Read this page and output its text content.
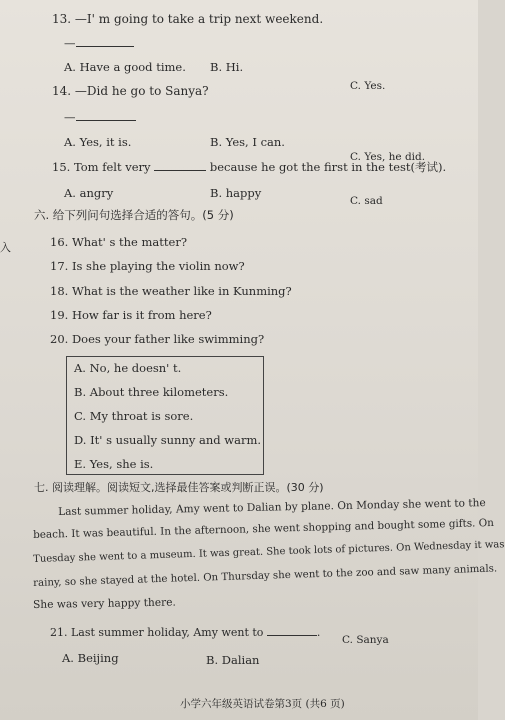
13. —I' m going to take a trip next weekend.
—
A. Have a good time. B. Hi.
C. Yes.
14. —Did he go to Sanya?
—
A. Yes, it is.	B. Yes, I can.
C. Yes, he did.
15. Tom felt very	because he got the first in the test(考试).
A. angry	B. happy
C. sad
六. 给下列问句选择合适的答句。(5 分)
入	16. What' s the matter?
17. Is she playing the violin now?
18. What is the weather like in Kunming?
19. How far is it from here?
20. Does your father like swimming?
A. No, he doesn' t.
B. About three kilometers.
C. My throat is sore.
D. It' s usually sunny and warm.
E. Yes, she is.
七. 阅读理解。阅读短文,选择最佳答案或判断正误。(30 分)
Last summer holiday, Amy went to Dalian by plane. On Monday she went to the
beach. It was beautiful. In the afternoon, she went shopping and bought some gifts. On
Tuesday she went to a museum. It was great. She took lots of pictures. On Wednesday it was
rainy, so she stayed at the hotel. On Thursday she went to the zoo and saw many animals.
She was very happy there.
21. Last summer holiday, Amy went to	.
A. Beijing	B. Dalian
C. Sanya
小学六年级英语试卷第3页 (共6 页)
